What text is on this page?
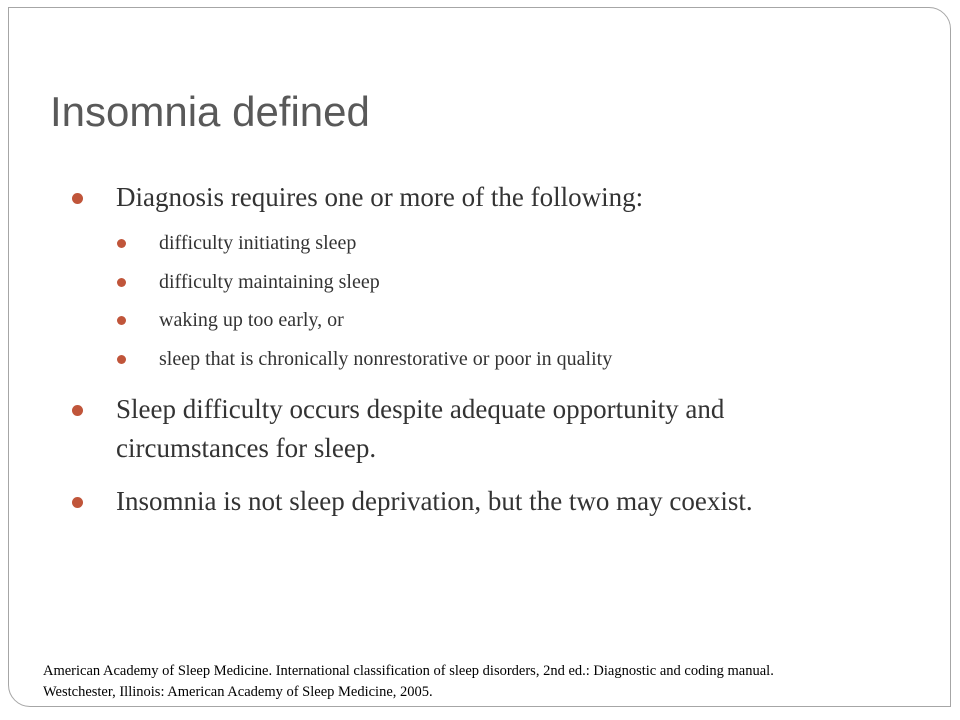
Insomnia defined
Diagnosis requires one or more of the following:
difficulty initiating sleep
difficulty maintaining sleep
waking up too early, or
sleep that is chronically nonrestorative or poor in quality
Sleep difficulty occurs despite adequate opportunity and circumstances for sleep.
Insomnia is not sleep deprivation, but the two may coexist.

American Academy of Sleep Medicine. International classification of sleep disorders, 2nd ed.: Diagnostic and coding manual.
Westchester, Illinois: American Academy of Sleep Medicine, 2005.
